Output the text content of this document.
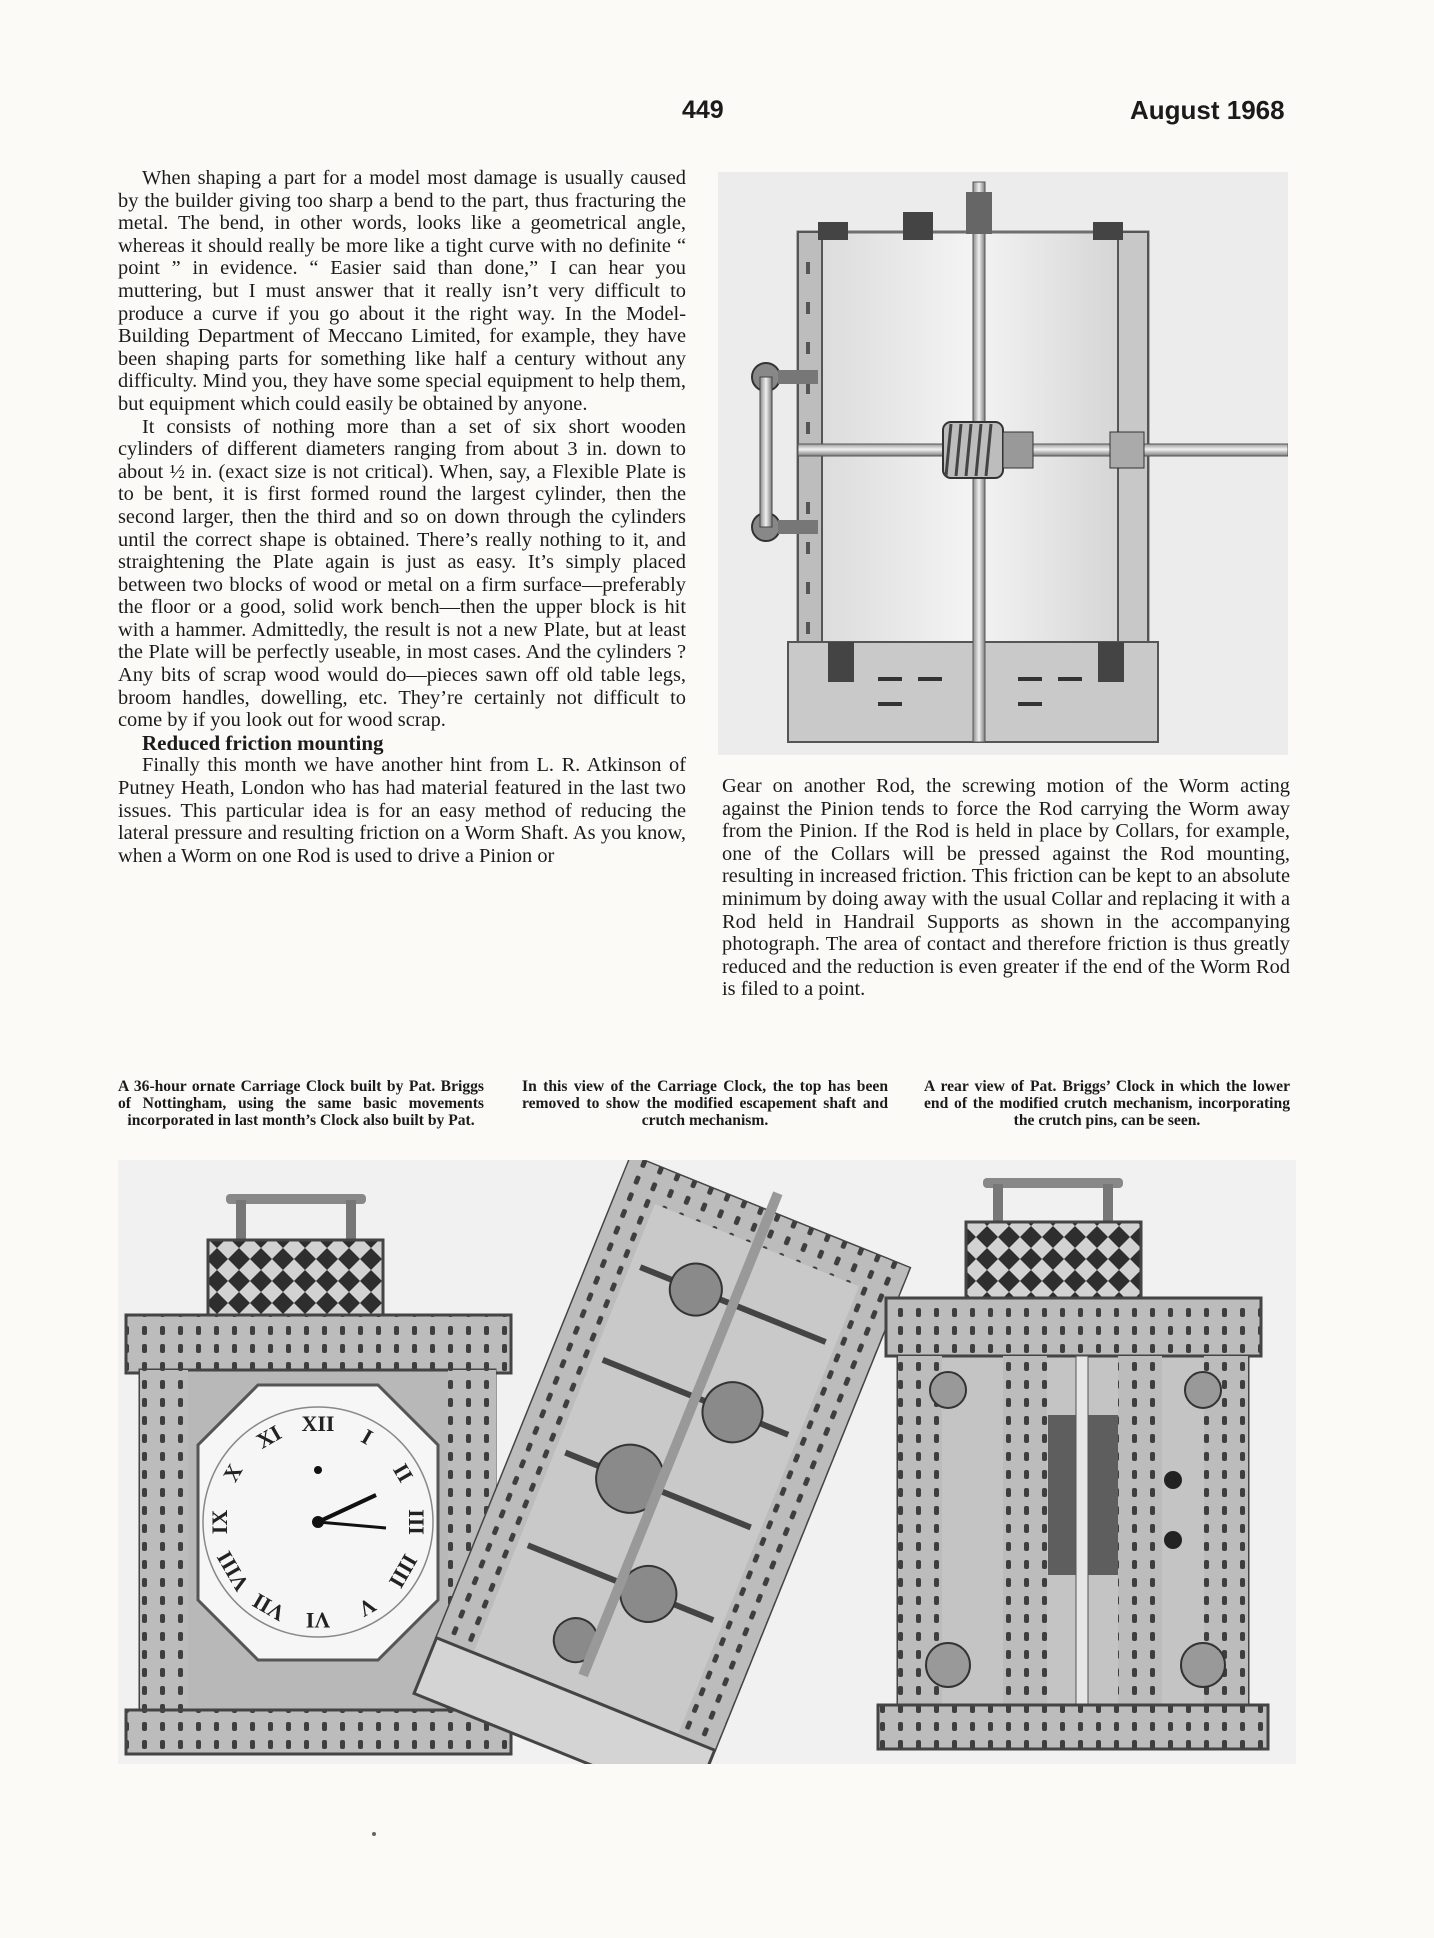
449	August 1968

When shaping a part for a model most damage is usually caused by the builder giving too sharp a bend to the part, thus fracturing the metal. The bend, in other words, looks like a geometrical angle, whereas it should really be more like a tight curve with no definite “ point ” in evidence. “ Easier said than done,” I can hear you muttering, but I must answer that it really isn’t very difficult to produce a curve if you go about it the right way. In the Model-Building Department of Meccano Limited, for example, they have been shaping parts for something like half a century without any difficulty. Mind you, they have some special equipment to help them, but equipment which could easily be obtained by anyone.

It consists of nothing more than a set of six short wooden cylinders of different diameters ranging from about 3 in. down to about ½ in. (exact size is not critical). When, say, a Flexible Plate is to be bent, it is first formed round the largest cylinder, then the second larger, then the third and so on down through the cylinders until the correct shape is obtained. There’s really nothing to it, and straightening the Plate again is just as easy. It’s simply placed between two blocks of wood or metal on a firm surface—preferably the floor or a good, solid work bench—then the upper block is hit with a hammer. Admittedly, the result is not a new Plate, but at least the Plate will be perfectly useable, in most cases. And the cylinders ? Any bits of scrap wood would do—pieces sawn off old table legs, broom handles, dowelling, etc. They’re certainly not difficult to come by if you look out for wood scrap.

Reduced friction mounting

Finally this month we have another hint from L. R. Atkinson of Putney Heath, London who has had material featured in the last two issues. This particular idea is for an easy method of reducing the lateral pressure and resulting friction on a Worm Shaft. As you know, when a Worm on one Rod is used to drive a Pinion or

Gear on another Rod, the screwing motion of the Worm acting against the Pinion tends to force the Rod carrying the Worm away from the Pinion. If the Rod is held in place by Collars, for example, one of the Collars will be pressed against the Rod mounting, resulting in increased friction. This friction can be kept to an absolute minimum by doing away with the usual Collar and replacing it with a Rod held in Handrail Supports as shown in the accompanying photograph. The area of contact and therefore friction is thus greatly reduced and the reduction is even greater if the end of the Worm Rod is filed to a point.

A 36-hour ornate Carriage Clock built by Pat. Briggs of Nottingham, using the same basic movements incorporated in last month’s Clock also built by Pat.
In this view of the Carriage Clock, the top has been removed to show the modified escapement shaft and crutch mechanism.
A rear view of Pat. Briggs’ Clock in which the lower end of the modified crutch mechanism, incorporating the crutch pins, can be seen.
XII
I
II
III
IIII
V
VI
VII
VIII
IX
X
XI
